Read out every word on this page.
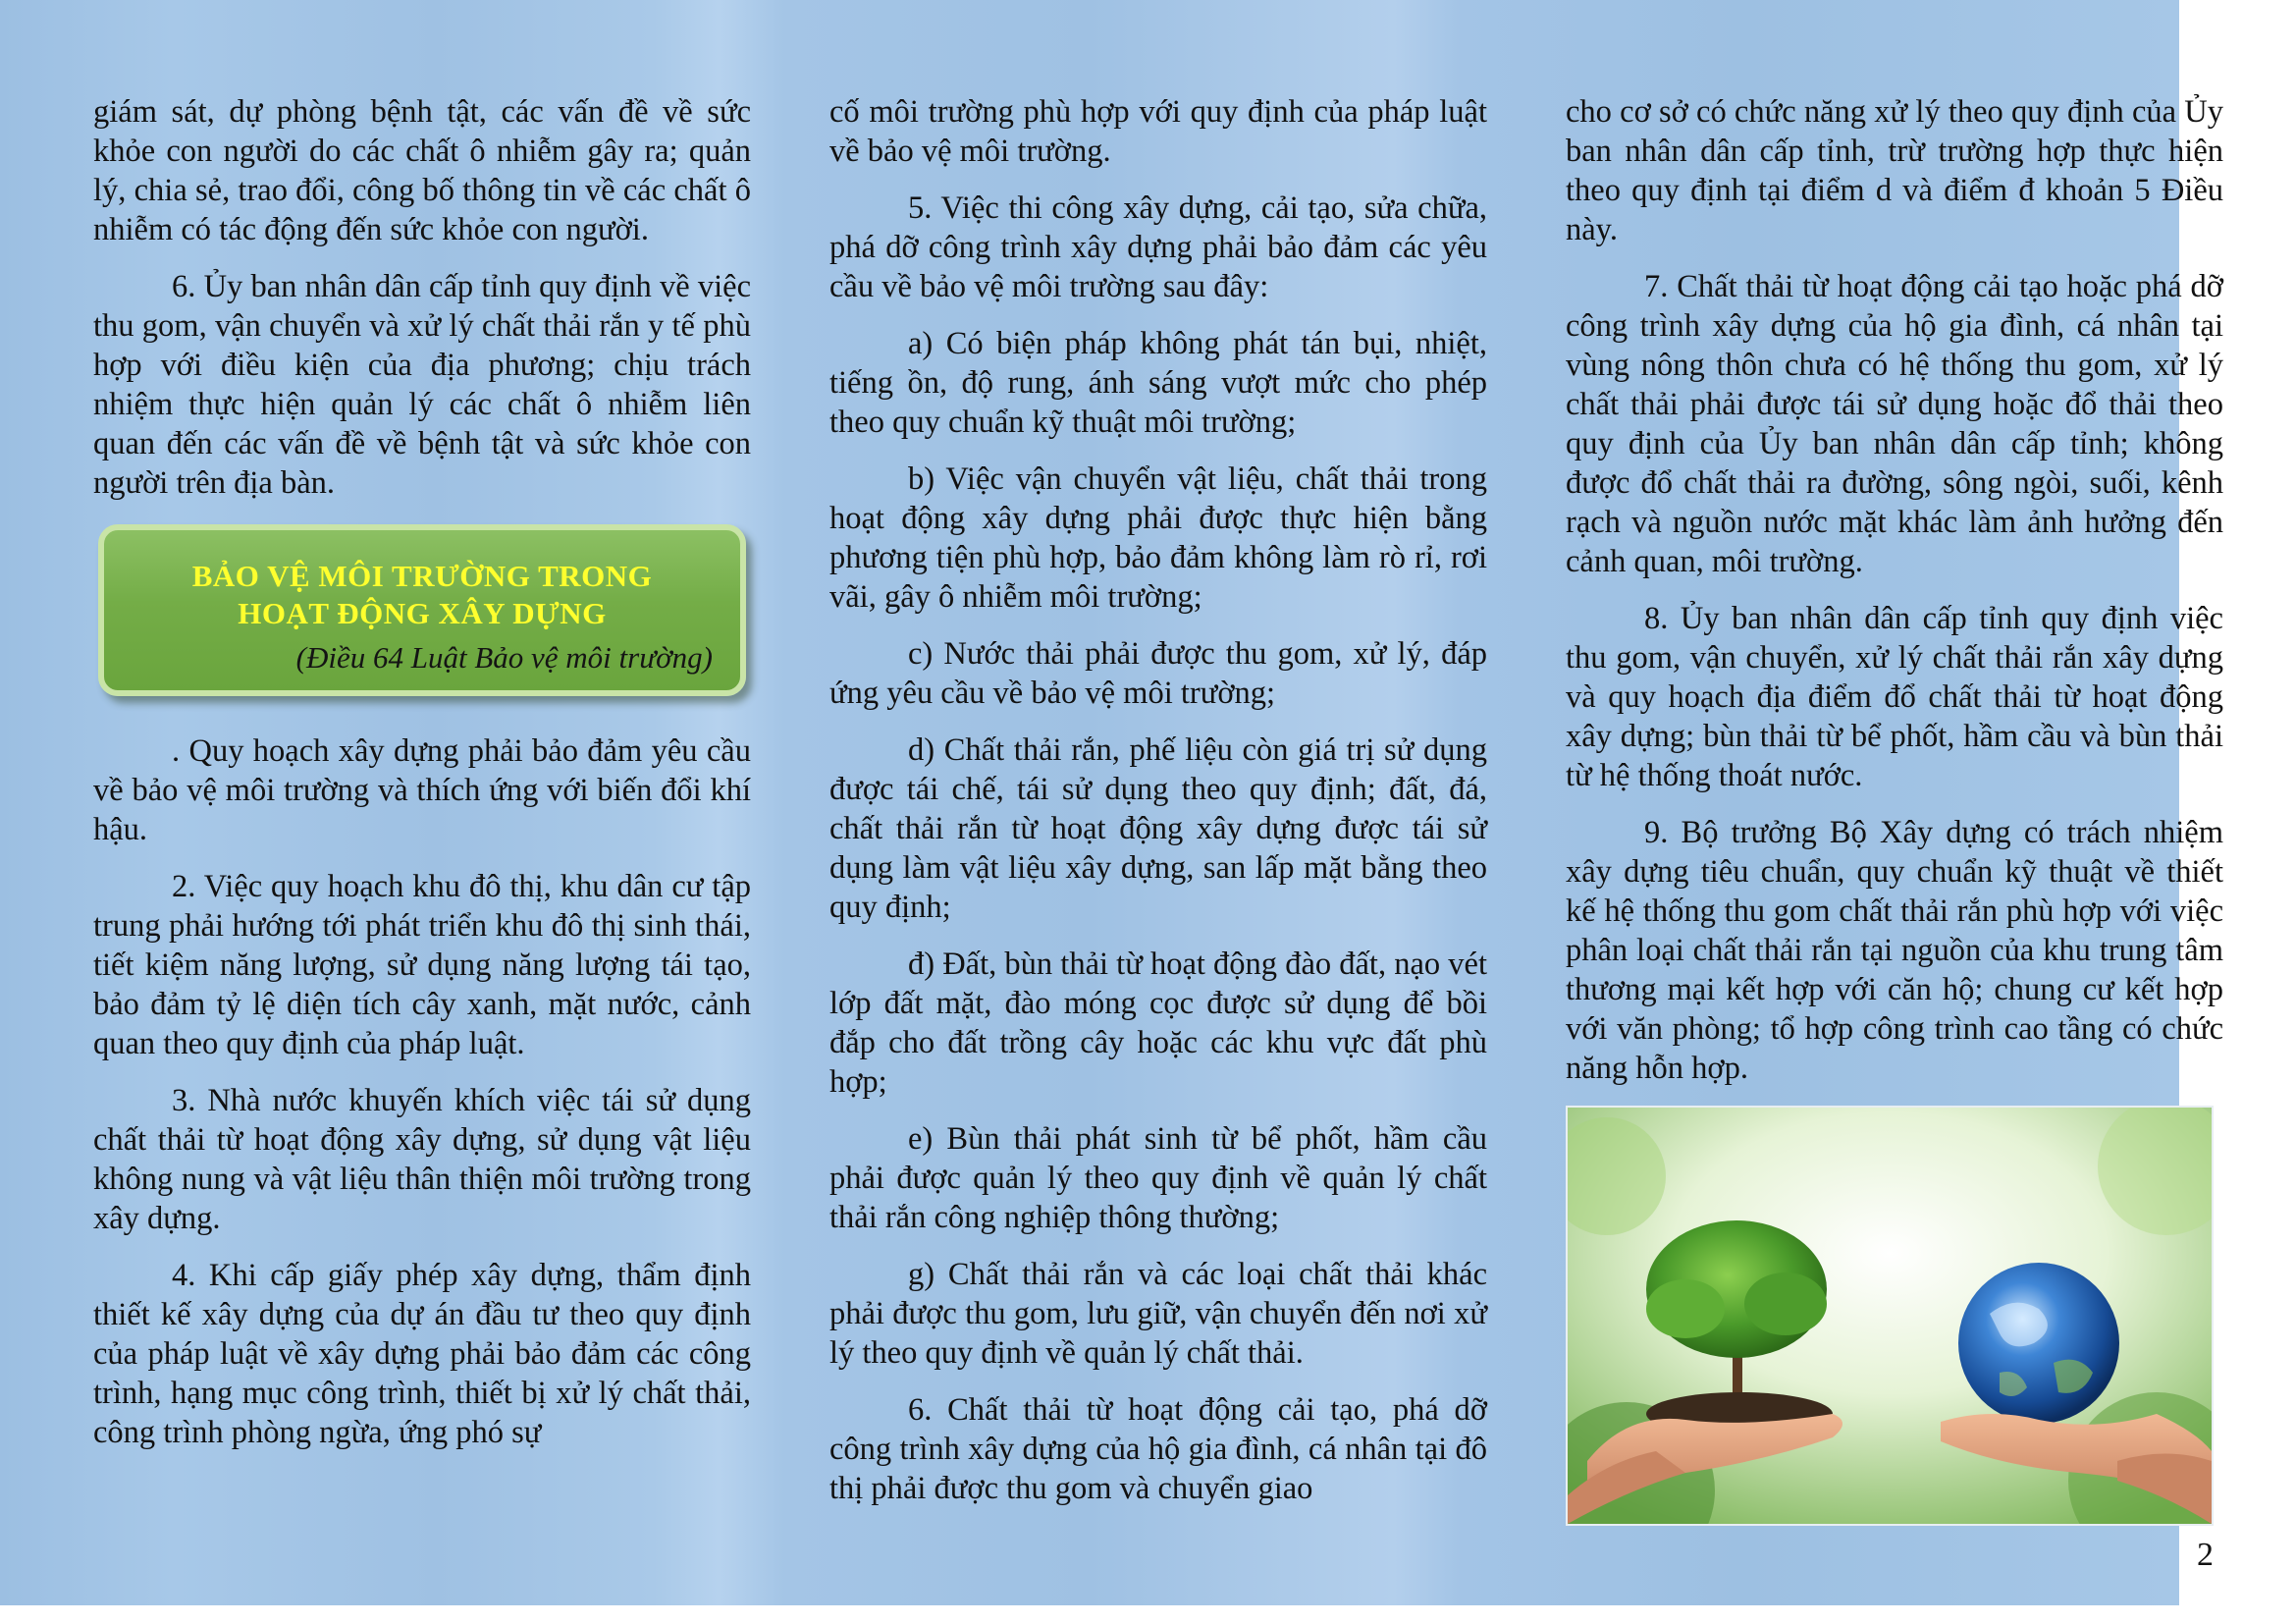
giám sát, dự phòng bệnh tật, các vấn đề về sức khỏe con người do các chất ô nhiễm gây ra; quản lý, chia sẻ, trao đổi, công bố thông tin về các chất ô nhiễm có tác động đến sức khỏe con người.

6. Ủy ban nhân dân cấp tỉnh quy định về việc thu gom, vận chuyển và xử lý chất thải rắn y tế phù hợp với điều kiện của địa phương; chịu trách nhiệm thực hiện quản lý các chất ô nhiễm liên quan đến các vấn đề về bệnh tật và sức khỏe con người trên địa bàn.

BẢO VỆ MÔI TRƯỜNG TRONG
HOẠT ĐỘNG XÂY DỰNG
(Điều 64 Luật Bảo vệ môi trường)

. Quy hoạch xây dựng phải bảo đảm yêu cầu về bảo vệ môi trường và thích ứng với biến đổi khí hậu.

2. Việc quy hoạch khu đô thị, khu dân cư tập trung phải hướng tới phát triển khu đô thị sinh thái, tiết kiệm năng lượng, sử dụng năng lượng tái tạo, bảo đảm tỷ lệ diện tích cây xanh, mặt nước, cảnh quan theo quy định của pháp luật.

3. Nhà nước khuyến khích việc tái sử dụng chất thải từ hoạt động xây dựng, sử dụng vật liệu không nung và vật liệu thân thiện môi trường trong xây dựng.

4. Khi cấp giấy phép xây dựng, thẩm định thiết kế xây dựng của dự án đầu tư theo quy định của pháp luật về xây dựng phải bảo đảm các công trình, hạng mục công trình, thiết bị xử lý chất thải, công trình phòng ngừa, ứng phó sự

cố môi trường phù hợp với quy định của pháp luật về bảo vệ môi trường.

5. Việc thi công xây dựng, cải tạo, sửa chữa, phá dỡ công trình xây dựng phải bảo đảm các yêu cầu về bảo vệ môi trường sau đây:

a) Có biện pháp không phát tán bụi, nhiệt, tiếng ồn, độ rung, ánh sáng vượt mức cho phép theo quy chuẩn kỹ thuật môi trường;

b) Việc vận chuyển vật liệu, chất thải trong hoạt động xây dựng phải được thực hiện bằng phương tiện phù hợp, bảo đảm không làm rò rỉ, rơi vãi, gây ô nhiễm môi trường;

c) Nước thải phải được thu gom, xử lý, đáp ứng yêu cầu về bảo vệ môi trường;

d) Chất thải rắn, phế liệu còn giá trị sử dụng được tái chế, tái sử dụng theo quy định; đất, đá, chất thải rắn từ hoạt động xây dựng được tái sử dụng làm vật liệu xây dựng, san lấp mặt bằng theo quy định;

đ) Đất, bùn thải từ hoạt động đào đất, nạo vét lớp đất mặt, đào móng cọc được sử dụng để bồi đắp cho đất trồng cây hoặc các khu vực đất phù hợp;

e) Bùn thải phát sinh từ bể phốt, hầm cầu phải được quản lý theo quy định về quản lý chất thải rắn công nghiệp thông thường;

g) Chất thải rắn và các loại chất thải khác phải được thu gom, lưu giữ, vận chuyển đến nơi xử lý theo quy định về quản lý chất thải.

6. Chất thải từ hoạt động cải tạo, phá dỡ công trình xây dựng của hộ gia đình, cá nhân tại đô thị phải được thu gom và chuyển giao

cho cơ sở có chức năng xử lý theo quy định của Ủy ban nhân dân cấp tỉnh, trừ trường hợp thực hiện theo quy định tại điểm d và điểm đ khoản 5 Điều này.

7. Chất thải từ hoạt động cải tạo hoặc phá dỡ công trình xây dựng của hộ gia đình, cá nhân tại vùng nông thôn chưa có hệ thống thu gom, xử lý chất thải phải được tái sử dụng hoặc đổ thải theo quy định của Ủy ban nhân dân cấp tỉnh; không được đổ chất thải ra đường, sông ngòi, suối, kênh rạch và nguồn nước mặt khác làm ảnh hưởng đến cảnh quan, môi trường.

8. Ủy ban nhân dân cấp tỉnh quy định việc thu gom, vận chuyển, xử lý chất thải rắn xây dựng và quy hoạch địa điểm đổ chất thải từ hoạt động xây dựng; bùn thải từ bể phốt, hầm cầu và bùn thải từ hệ thống thoát nước.

9. Bộ trưởng Bộ Xây dựng có trách nhiệm xây dựng tiêu chuẩn, quy chuẩn kỹ thuật về thiết kế hệ thống thu gom chất thải rắn phù hợp với việc phân loại chất thải rắn tại nguồn của khu trung tâm thương mại kết hợp với căn hộ; chung cư kết hợp với văn phòng; tổ hợp công trình cao tầng có chức năng hỗn hợp.

2
